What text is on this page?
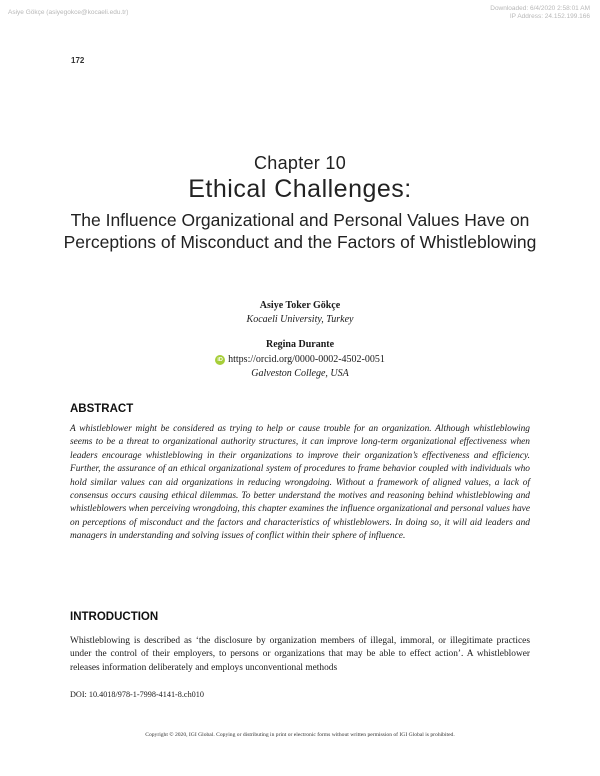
Asiye Gökçe (asiyegokce@kocaeli.edu.tr)
Downloaded: 6/4/2020 2:58:01 AM
IP Address: 24.152.199.166
172
Chapter 10
Ethical Challenges:
The Influence Organizational and Personal Values Have on Perceptions of Misconduct and the Factors of Whistleblowing
Asiye Toker Gökçe
Kocaeli University, Turkey
Regina Durante
iD https://orcid.org/0000-0002-4502-0051
Galveston College, USA
ABSTRACT
A whistleblower might be considered as trying to help or cause trouble for an organization. Although whistleblowing seems to be a threat to organizational authority structures, it can improve long-term organizational effectiveness when leaders encourage whistleblowing in their organizations to improve their organization’s effectiveness and efficiency. Further, the assurance of an ethical organizational system of procedures to frame behavior coupled with individuals who hold similar values can aid organizations in reducing wrongdoing. Without a framework of aligned values, a lack of consensus occurs causing ethical dilemmas. To better understand the motives and reasoning behind whistleblowing and whistleblowers when perceiving wrongdoing, this chapter examines the influence organizational and personal values have on perceptions of misconduct and the factors and characteristics of whistleblowers. In doing so, it will aid leaders and managers in understanding and solving issues of conflict within their sphere of influence.
INTRODUCTION
Whistleblowing is described as ‘the disclosure by organization members of illegal, immoral, or illegitimate practices under the control of their employers, to persons or organizations that may be able to effect action’. A whistleblower releases information deliberately and employs unconventional methods
DOI: 10.4018/978-1-7998-4141-8.ch010
Copyright © 2020, IGI Global. Copying or distributing in print or electronic forms without written permission of IGI Global is prohibited.
